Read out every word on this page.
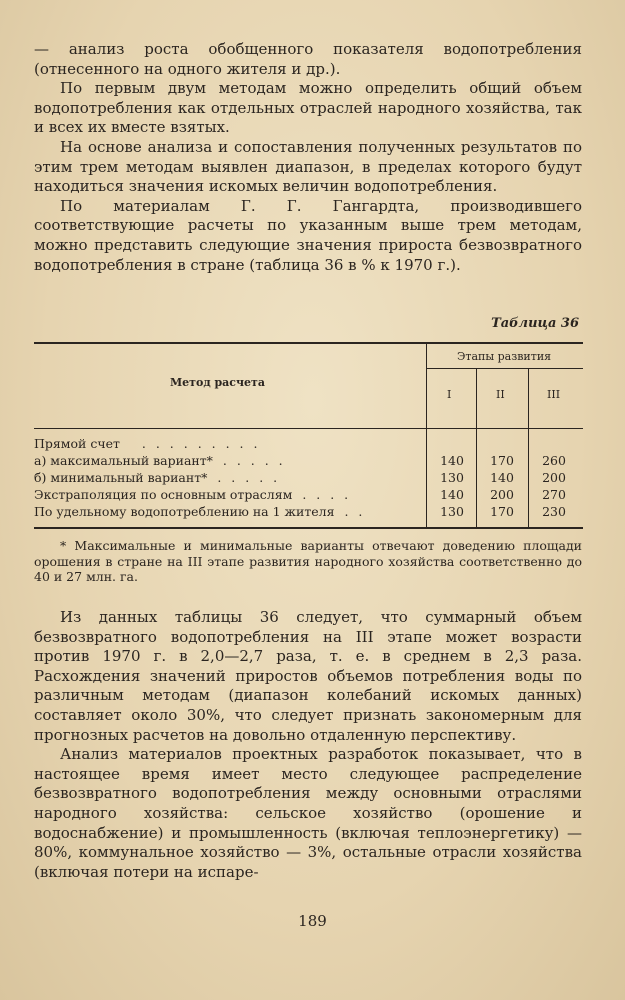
— анализ роста обобщенного показателя водопотребления (отнесенного на одного жителя и др.).

По первым двум методам можно определить общий объем водопотребления как отдельных отраслей народного хозяйства, так и всех их вместе взятых.

На основе анализа и сопоставления полученных результатов по этим трем методам выявлен диапазон, в пределах которого будут находиться значения искомых величин водопотребления.

По материалам Г. Г. Гангардта, производившего соответствующие расчеты по указанным выше трем методам, можно представить следующие значения прироста безвозвратного водопотребления в стране (таблица 36 в % к 1970 г.).

Таблица 36
Метод расчета
Этапы развития
I	II	III
Прямой счет . . . . . . . . .
а) максимальный вариант* . . . . .	140	170	260
б) минимальный вариант* . . . . .	130	140	200
Экстраполяция по основным отраслям . . . .	140	200	270
По удельному водопотреблению на 1 жителя . .	130	170	230

* Максимальные и минимальные варианты отвечают доведению площади орошения в стране на III этапе развития народного хозяйства соответственно до 40 и 27 млн. га.

Из данных таблицы 36 следует, что суммарный объем безвозвратного водопотребления на III этапе может возрасти против 1970 г. в 2,0—2,7 раза, т. е. в среднем в 2,3 раза. Расхождения значений приростов объемов потребления воды по различным методам (диапазон колебаний искомых данных) составляет около 30%, что следует признать закономерным для прогнозных расчетов на довольно отдаленную перспективу.

Анализ материалов проектных разработок показывает, что в настоящее время имеет место следующее распределение безвозвратного водопотребления между основными отраслями народного хозяйства: сельское хозяйство (орошение и водоснабжение) и промышленность (включая теплоэнергетику) — 80%, коммунальное хозяйство — 3%, остальные отрасли хозяйства (включая потери на испаре-

189
